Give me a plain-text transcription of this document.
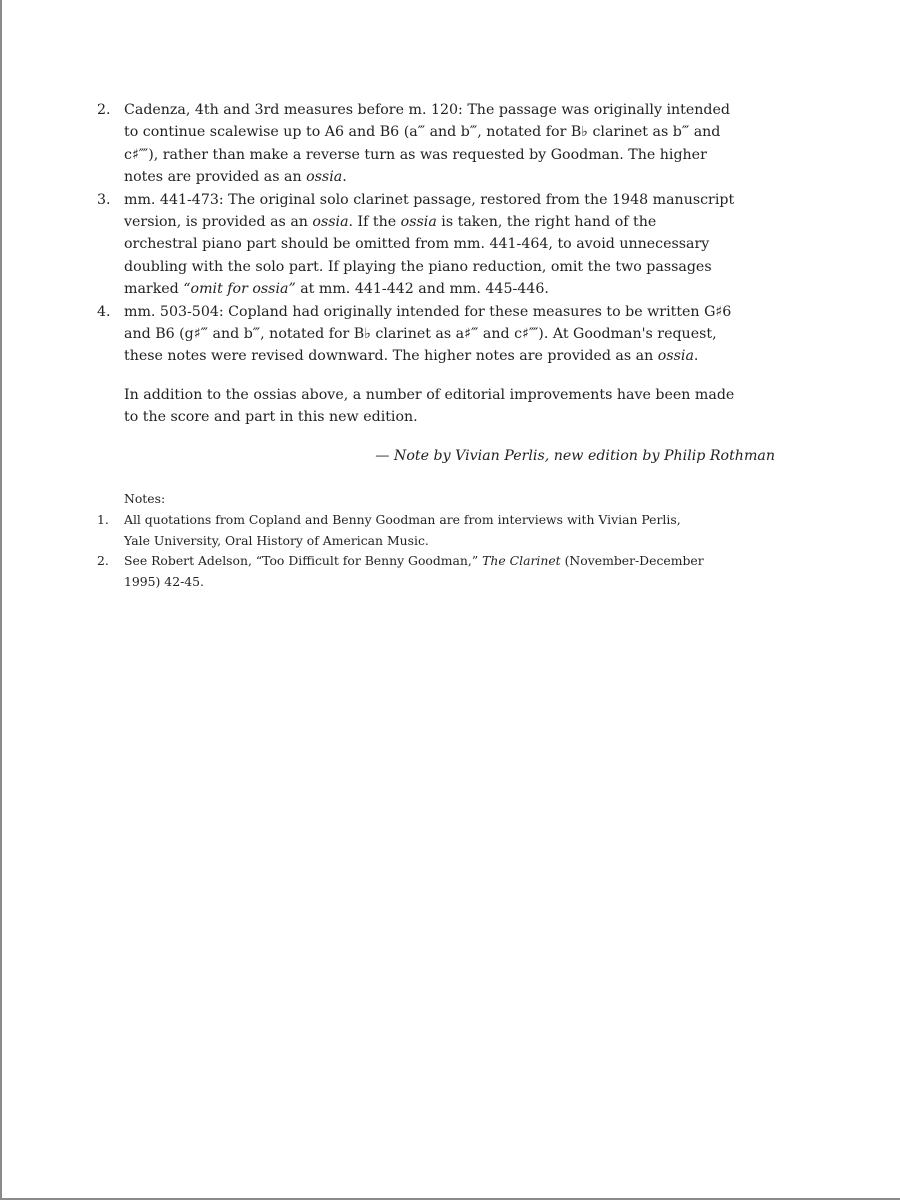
2. Cadenza, 4th and 3rd measures before m. 120: The passage was originally intended
to continue scalewise up to A6 and B6 (a‴ and b‴, notated for B♭ clarinet as b‴ and
c♯⁗), rather than make a reverse turn as was requested by Goodman. The higher
notes are provided as an ossia.
3. mm. 441-473: The original solo clarinet passage, restored from the 1948 manuscript
version, is provided as an ossia. If the ossia is taken, the right hand of the
orchestral piano part should be omitted from mm. 441-464, to avoid unnecessary
doubling with the solo part. If playing the piano reduction, omit the two passages
marked “omit for ossia” at mm. 441-442 and mm. 445-446.
4. mm. 503-504: Copland had originally intended for these measures to be written G♯6
and B6 (g♯‴ and b‴, notated for B♭ clarinet as a♯‴ and c♯⁗). At Goodman's request,
these notes were revised downward. The higher notes are provided as an ossia.
In addition to the ossias above, a number of editorial improvements have been made
to the score and part in this new edition.
— Note by Vivian Perlis, new edition by Philip Rothman
Notes:
1.	All quotations from Copland and Benny Goodman are from interviews with Vivian Perlis,
Yale University, Oral History of American Music.
2.	See Robert Adelson, “Too Difficult for Benny Goodman,” The Clarinet (November-December
1995) 42-45.
